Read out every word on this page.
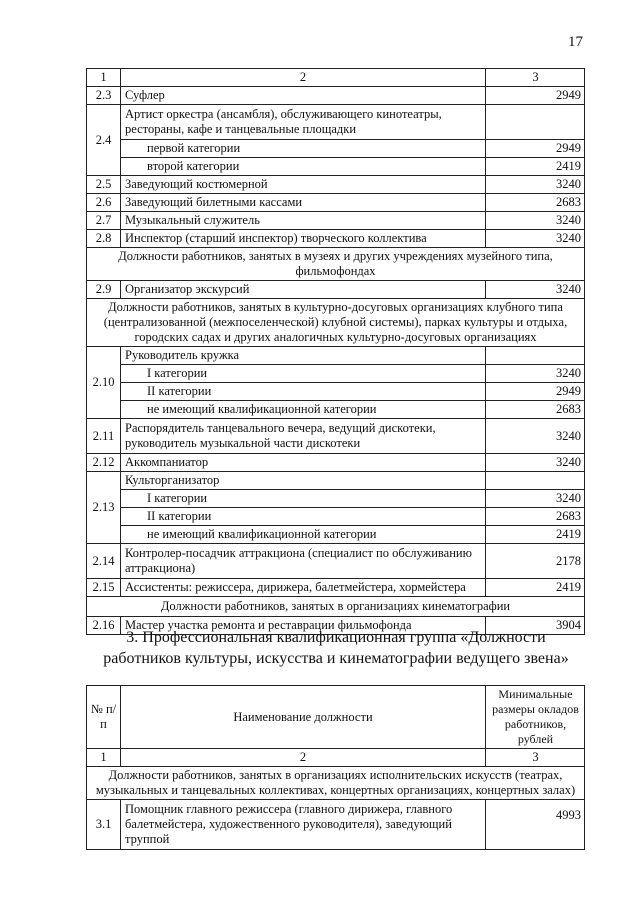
17
1	2	3
2.3	Суфлер	2949
2.4	Артист оркестра (ансамбля), обслуживающего кинотеатры, рестораны, кафе и танцевальные площадки	
	первой категории	2949
	второй категории	2419
2.5	Заведующий костюмерной	3240
2.6	Заведующий билетными кассами	2683
2.7	Музыкальный служитель	3240
2.8	Инспектор (старший инспектор) творческого коллектива	3240
Должности работников, занятых в музеях и других учреждениях музейного типа, фильмофондах		
2.9	Организатор экскурсий	3240
Должности работников, занятых в культурно-досуговых организациях клубного типа (централизованной (межпоселенческой) клубной системы), парках культуры и отдыха, городских садах и других аналогичных культурно-досуговых организациях		
2.10	Руководитель кружка	
	I категории	3240
	II категории	2949
	не имеющий квалификационной категории	2683
2.11	Распорядитель танцевального вечера, ведущий дискотеки, руководитель музыкальной части дискотеки	3240
2.12	Аккомпаниатор	3240
2.13	Культорганизатор	
	I категории	3240
	II категории	2683
	не имеющий квалификационной категории	2419
2.14	Контролер-посадчик аттракциона (специалист по обслуживанию аттракциона)	2178
2.15	Ассистенты: режиссера, дирижера, балетмейстера, хормейстера	2419
Должности работников, занятых в организациях кинематографии		
2.16	Мастер участка ремонта и реставрации фильмофонда	3904
3. Профессиональная квалификационная группа «Должности работников культуры, искусства и кинематографии ведущего звена»
№ п/п	Наименование должности	Минимальные размеры окладов работников, рублей
1	2	3
Должности работников, занятых в организациях исполнительских искусств (театрах, музыкальных и танцевальных коллективах, концертных организациях, концертных залах)		
3.1	Помощник главного режиссера (главного дирижера, главного балетмейстера, художественного руководителя), заведующий труппой	4993
